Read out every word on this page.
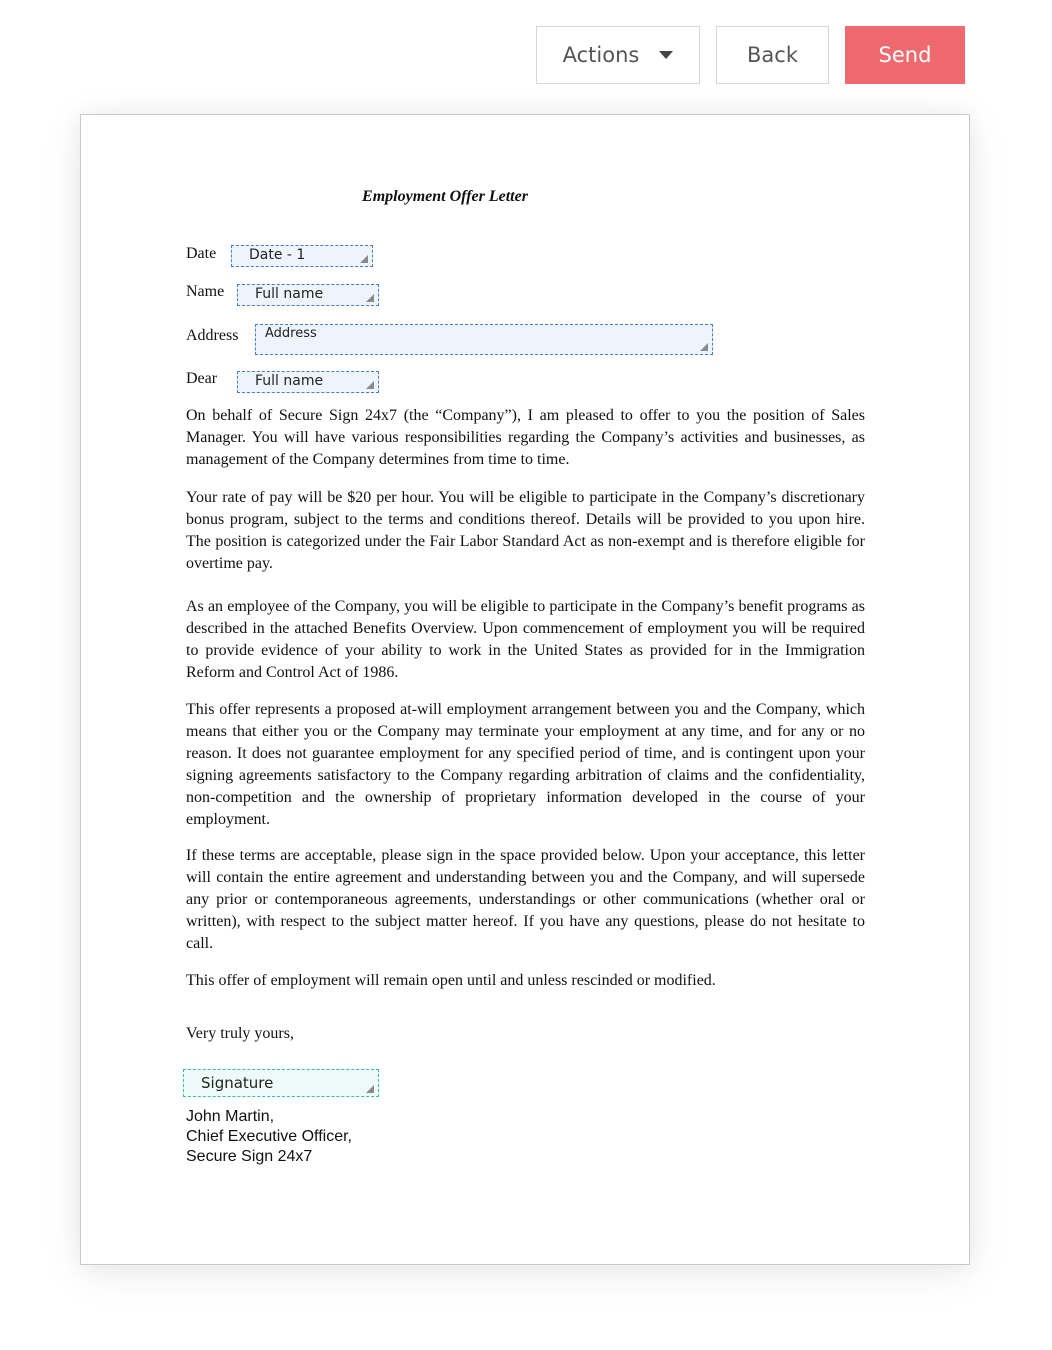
Actions	Back	Send
Employment Offer Letter
Date Date - 1
Name Full name
Address Address
Dear	Full name

On behalf of Secure Sign 24x7 (the “Company”), I am pleased to offer to you the position of Sales Manager. You will have various responsibilities regarding the Company’s activities and businesses, as management of the Company determines from time to time.

Your rate of pay will be $20 per hour. You will be eligible to participate in the Company’s discretionary bonus program, subject to the terms and conditions thereof. Details will be provided to you upon hire. The position is categorized under the Fair Labor Standard Act as non-exempt and is therefore eligible for overtime pay.

As an employee of the Company, you will be eligible to participate in the Company’s benefit programs as described in the attached Benefits Overview. Upon commencement of employment you will be required to provide evidence of your ability to work in the United States as provided for in the Immigration Reform and Control Act of 1986.

This offer represents a proposed at-will employment arrangement between you and the Company, which means that either you or the Company may terminate your employment at any time, and for any or no reason. It does not guarantee employment for any specified period of time, and is contingent upon your signing agreements satisfactory to the Company regarding arbitration of claims and the confidentiality, non-competition and the ownership of proprietary information developed in the course of your employment.

If these terms are acceptable, please sign in the space provided below. Upon your acceptance, this letter will contain the entire agreement and understanding between you and the Company, and will supersede any prior or contemporaneous agreements, understandings or other communications (whether oral or written), with respect to the subject matter hereof. If you have any questions, please do not hesitate to call.

This offer of employment will remain open until and unless rescinded or modified.

Very truly yours,

Signature
John Martin,
Chief Executive Officer,
Secure Sign 24x7
